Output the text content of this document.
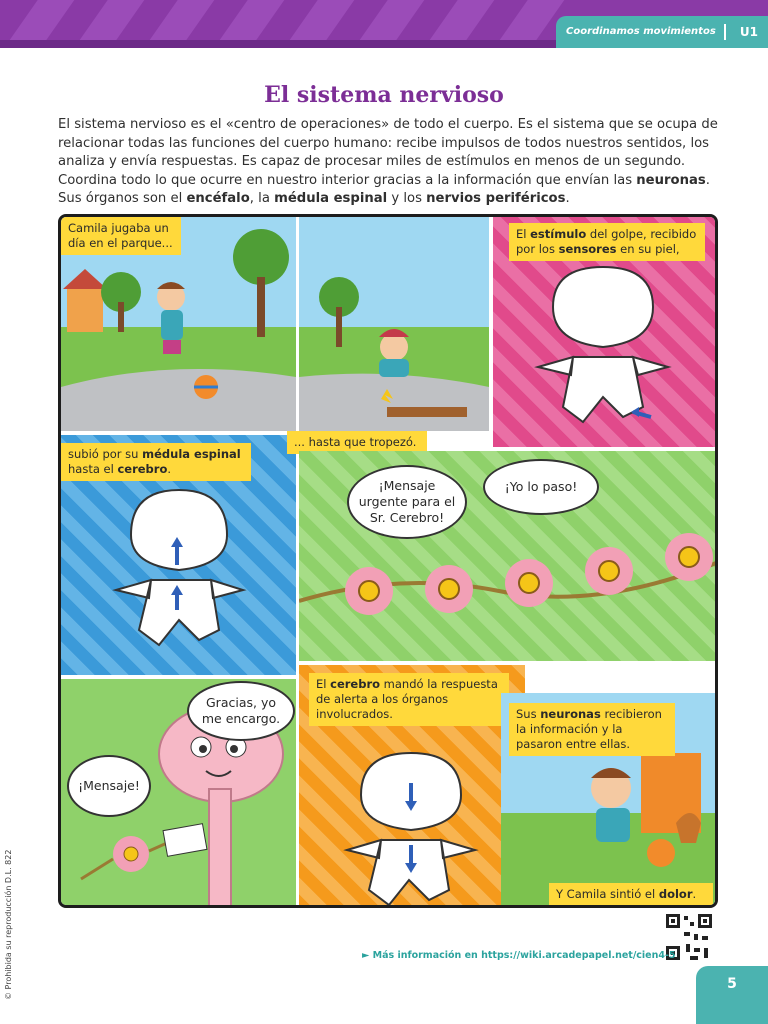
Coordinamos movimientos U1
El sistema nervioso
El sistema nervioso es el «centro de operaciones» de todo el cuerpo. Es el sistema que se ocupa de relacionar todas las funciones del cuerpo humano: recibe impulsos de todos nuestros sentidos, los analiza y envía respuestas. Es capaz de procesar miles de estímulos en menos de un segundo. Coordina todo lo que ocurre en nuestro interior gracias a la información que envían las neuronas. Sus órganos son el encéfalo, la médula espinal y los nervios periféricos.
Camila jugaba un día en el parque...
El estímulo del golpe, recibido por los sensores en su piel,
subió por su médula espinal hasta el cerebro.
... hasta que tropezó.
¡Mensaje urgente para el Sr. Cerebro!
¡Yo lo paso!
Gracias, yo me encargo.
¡Mensaje!
El cerebro mandó la respuesta de alerta a los órganos involucrados.	Sus neuronas recibieron la información y la pasaron entre ellas.
Y Camila sintió el dolor.
© Prohibida su reproducción D.L. 822	► Más información en https://wiki.arcadepapel.net/cien4-5
5
